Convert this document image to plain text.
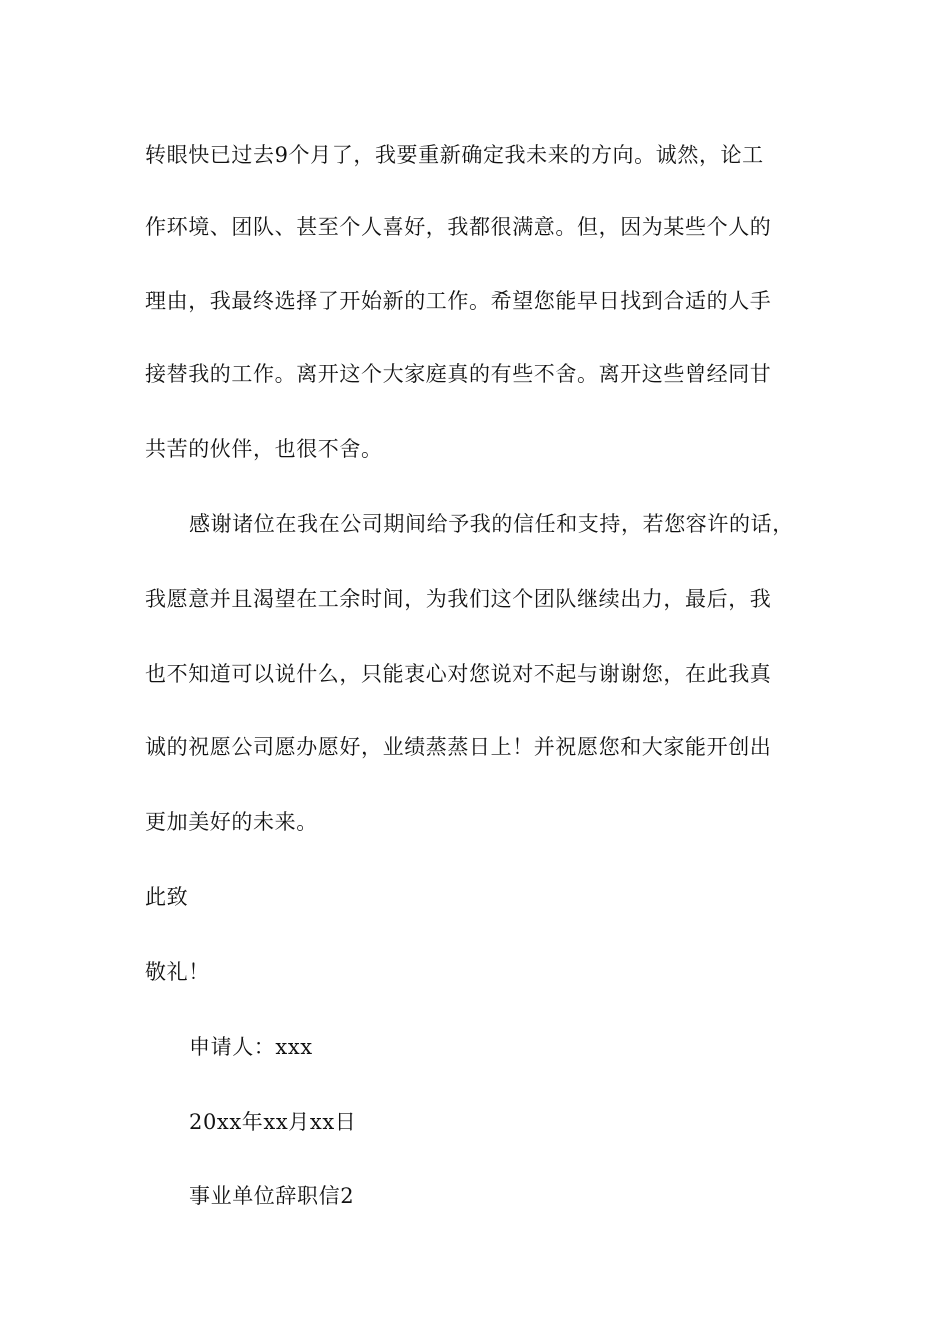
转眼快已过去9个月了，我要重新确定我未来的方向。诚然，论工
作环境、团队、甚至个人喜好，我都很满意。但，因为某些个人的
理由，我最终选择了开始新的工作。希望您能早日找到合适的人手
接替我的工作。离开这个大家庭真的有些不舍。离开这些曾经同甘
共苦的伙伴，也很不舍。
感谢诸位在我在公司期间给予我的信任和支持，若您容许的话，
我愿意并且渴望在工余时间，为我们这个团队继续出力，最后，我
也不知道可以说什么，只能衷心对您说对不起与谢谢您，在此我真
诚的祝愿公司愿办愿好，业绩蒸蒸日上！并祝愿您和大家能开创出
更加美好的未来。
此致
敬礼！
申请人：xxx
20xx年xx月xx日
事业单位辞职信2
